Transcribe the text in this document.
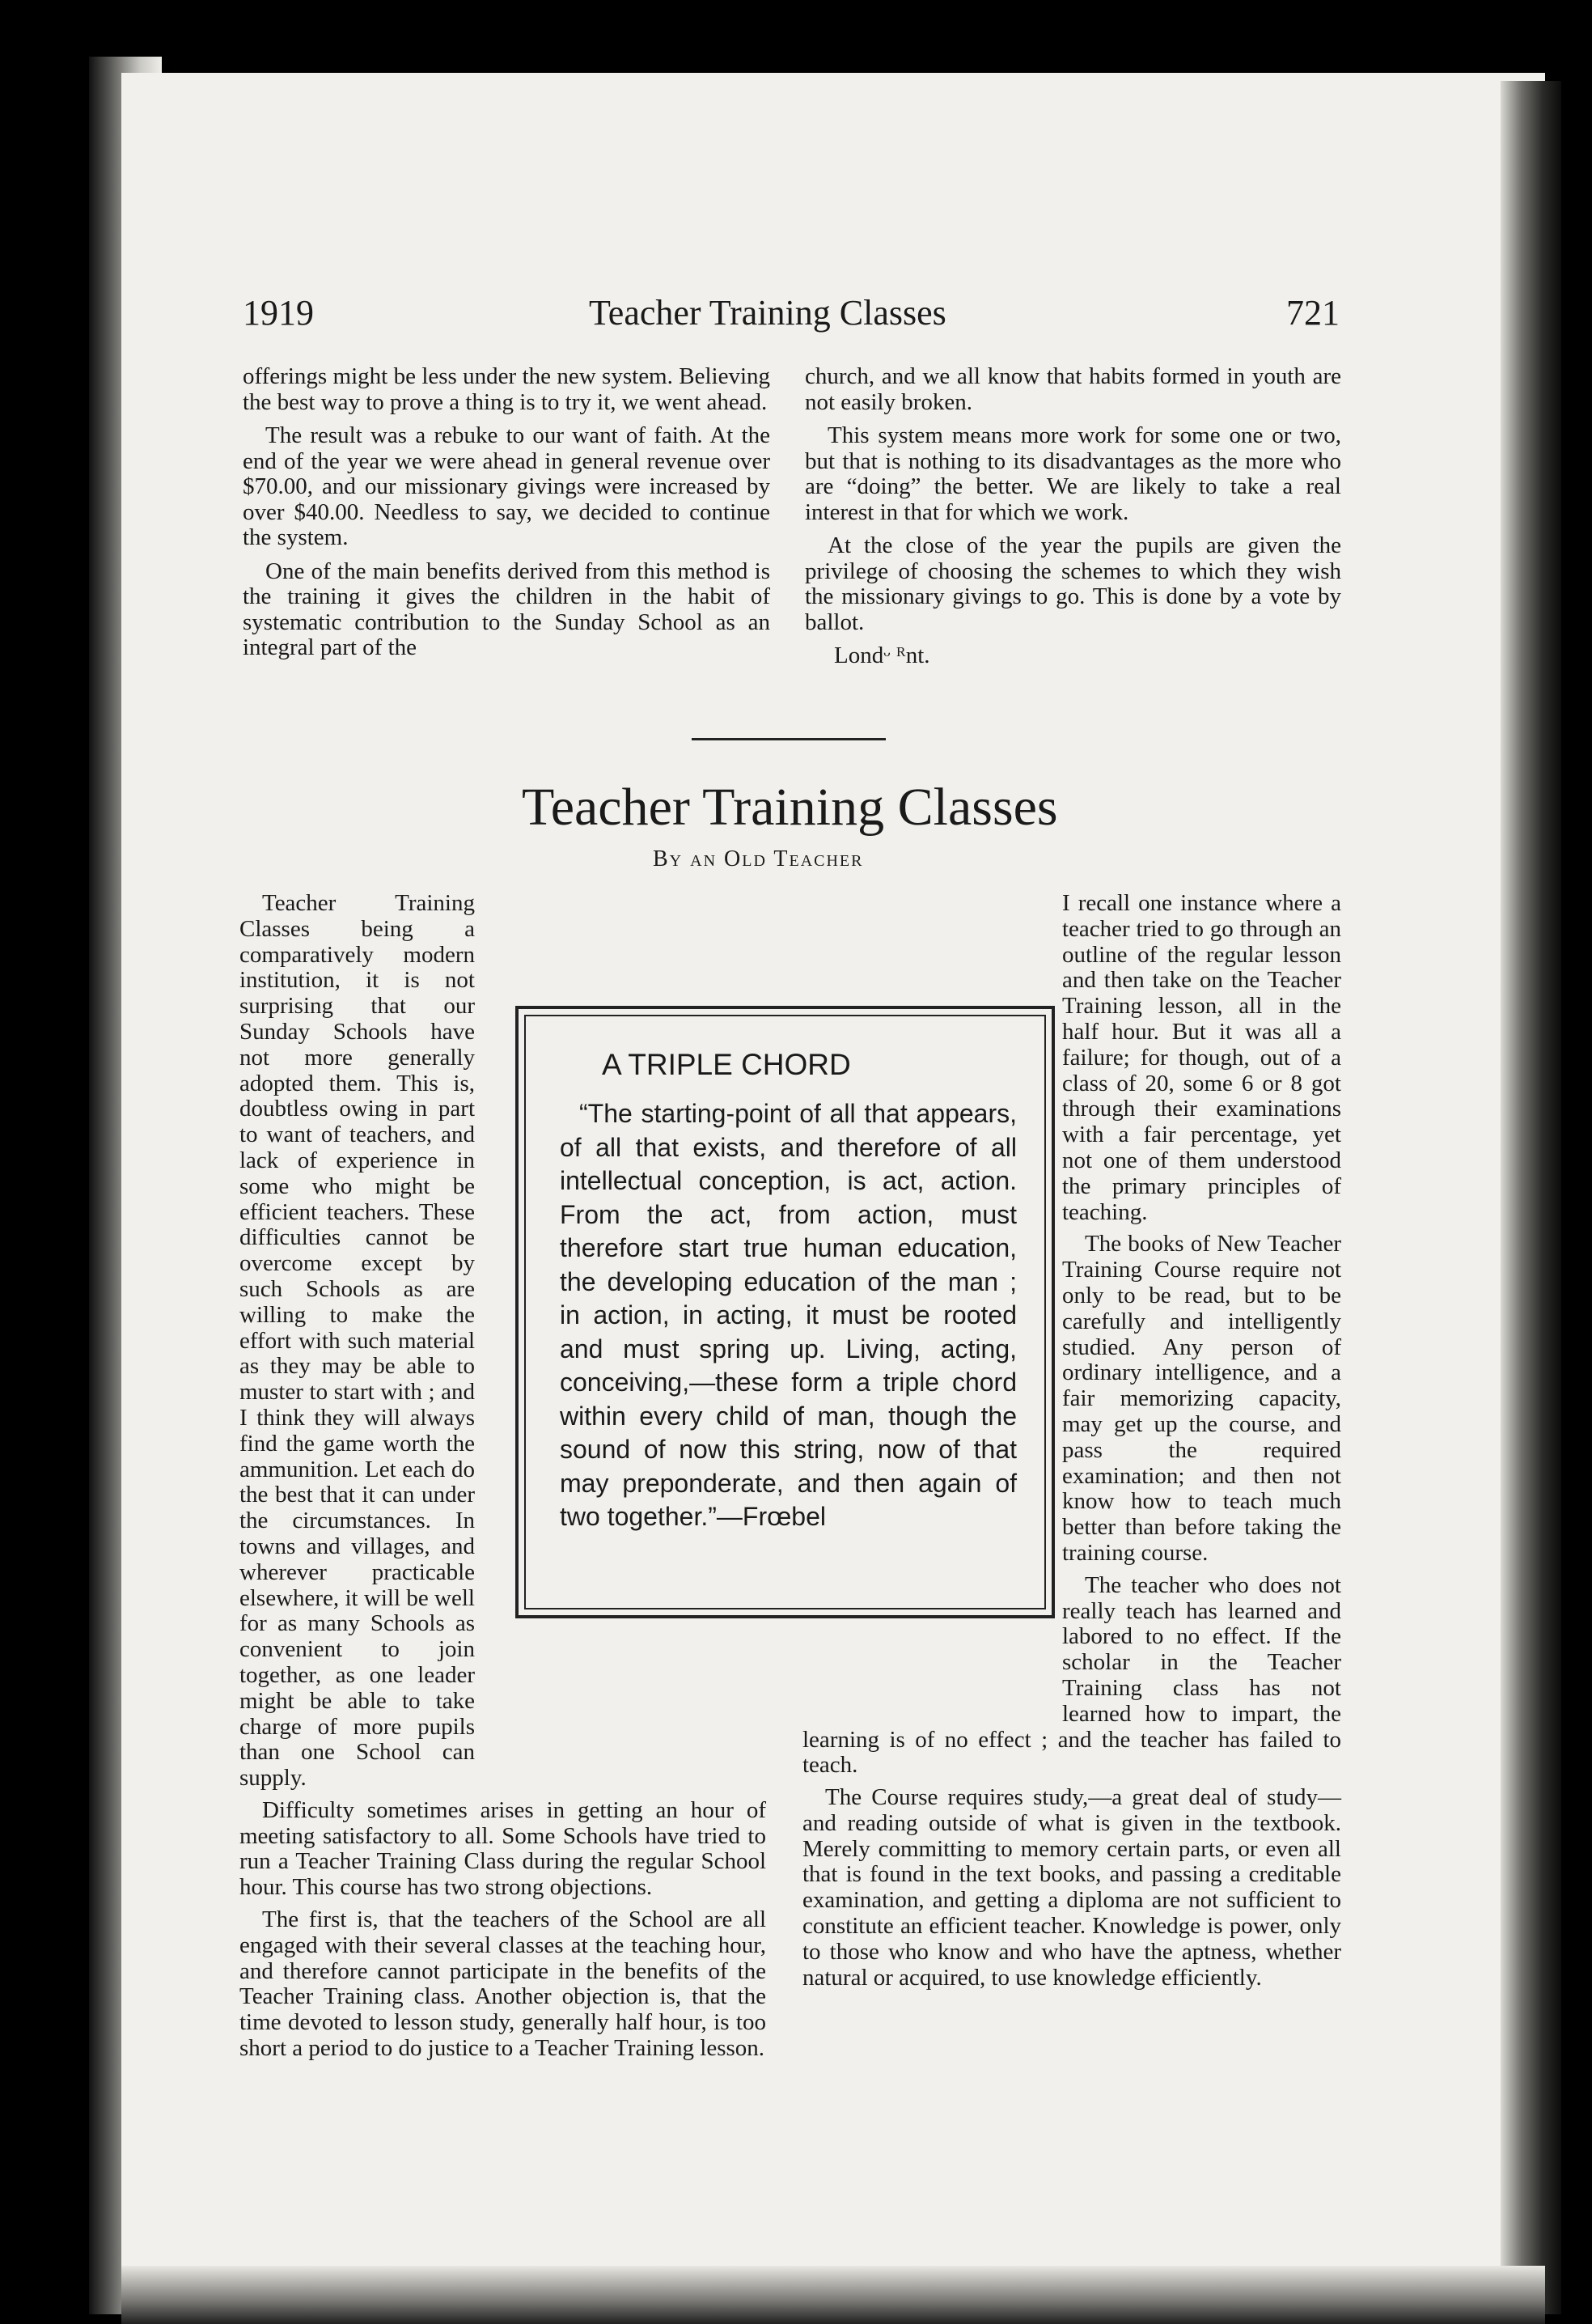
1919	Teacher Training Classes	721

offerings might be less under the new system. Believing the best way to prove a thing is to try it, we went ahead.

The result was a rebuke to our want of faith. At the end of the year we were ahead in general revenue over $70.00, and our missionary givings were increased by over $40.00. Needless to say, we decided to continue the system.

One of the main benefits derived from this method is the training it gives the children in the habit of systematic contribution to the Sunday School as an integral part of the

church, and we all know that habits formed in youth are not easily broken.

This system means more work for some one or two, but that is nothing to its disadvantages as the more who are “doing” the better. We are likely to take a real interest in that for which we work.

At the close of the year the pupils are given the privilege of choosing the schemes to which they wish the missionary givings to go. This is done by a vote by ballot.

Londᵕ ᴿnt.

Teacher Training Classes
By an Old Teacher

Teacher Training Classes being a comparatively modern institution, it is not surprising that our Sunday Schools have not more generally adopted them. This is, doubtless owing in part to want of teachers, and lack of experience in some who might be efficient teachers. These difficulties cannot be overcome except by such Schools as are willing to make the effort with such material as they may be able to muster to start with ; and I think they will always find the game worth the ammunition. Let each do the best that it can under the circumstances. In towns and villages, and wherever practicable elsewhere, it will be well for as many Schools as convenient to join together, as one leader might be able to take charge of more pupils than one School can supply.

Difficulty sometimes arises in getting an hour of meeting satisfactory to all. Some Schools have tried to run a Teacher Training Class during the regular School hour. This course has two strong objections.

The first is, that the teachers of the School are all engaged with their several classes at the teaching hour, and therefore cannot participate in the benefits of the Teacher Training class. Another objection is, that the time devoted to lesson study, generally half hour, is too short a period to do justice to a Teacher Training lesson.

I recall one instance where a teacher tried to go through an outline of the regular lesson and then take on the Teacher Training lesson, all in the half hour. But it was all a failure; for though, out of a class of 20, some 6 or 8 got through their examinations with a fair percentage, yet not one of them understood the primary principles of teaching.

The books of New Teacher Training Course require not only to be read, but to be carefully and intelligently studied. Any person of ordinary intelligence, and a fair memorizing capacity, may get up the course, and pass the required examination; and then not know how to teach much better than before taking the training course.

The teacher who does not really teach has learned and labored to no effect. If the scholar in the Teacher Training class has not learned how to impart, the learning is of no effect ; and the teacher has failed to teach.

The Course requires study,—a great deal of study—and reading outside of what is given in the textbook. Merely committing to memory certain parts, or even all that is found in the text books, and passing a creditable examination, and getting a diploma are not sufficient to constitute an efficient teacher. Knowledge is power, only to those who know and who have the aptness, whether natural or acquired, to use knowledge efficiently.

A TRIPLE CHORD

“The starting-point of all that appears, of all that exists, and therefore of all intellectual conception, is act, action. From the act, from action, must therefore start true human education, the developing education of the man ; in action, in acting, it must be rooted and must spring up. Living, acting, conceiving,—these form a triple chord within every child of man, though the sound of now this string, now of that may preponderate, and then again of two together.”—Frœbel
